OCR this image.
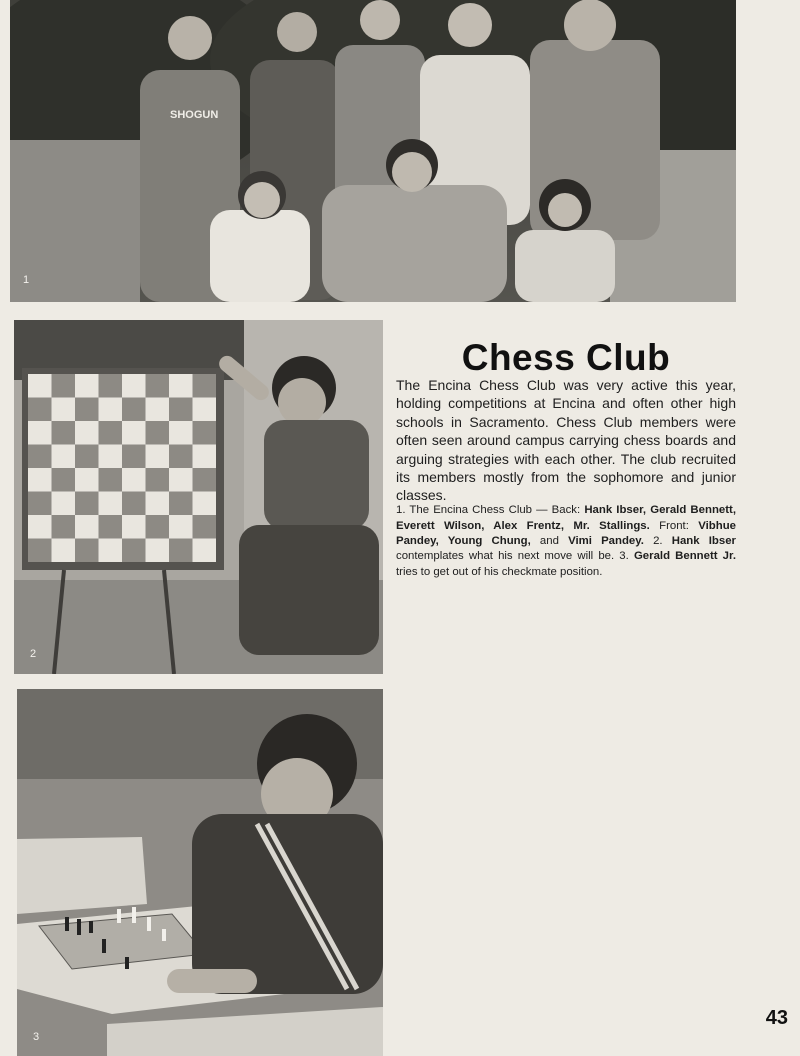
SHOGUN
1
2
3
Chess Club

The Encina Chess Club was very active this year, holding competitions at Encina and often other high schools in Sacramento. Chess Club members were often seen around campus carrying chess boards and arguing strategies with each other. The club recruited its members mostly from the sophomore and junior classes.

1. The Encina Chess Club — Back: Hank Ibser, Gerald Bennett, Everett Wilson, Alex Frentz, Mr. Stallings. Front: Vibhue Pandey, Young Chung, and Vimi Pandey. 2. Hank Ibser contemplates what his next move will be. 3. Gerald Bennett Jr. tries to get out of his checkmate position.

43
